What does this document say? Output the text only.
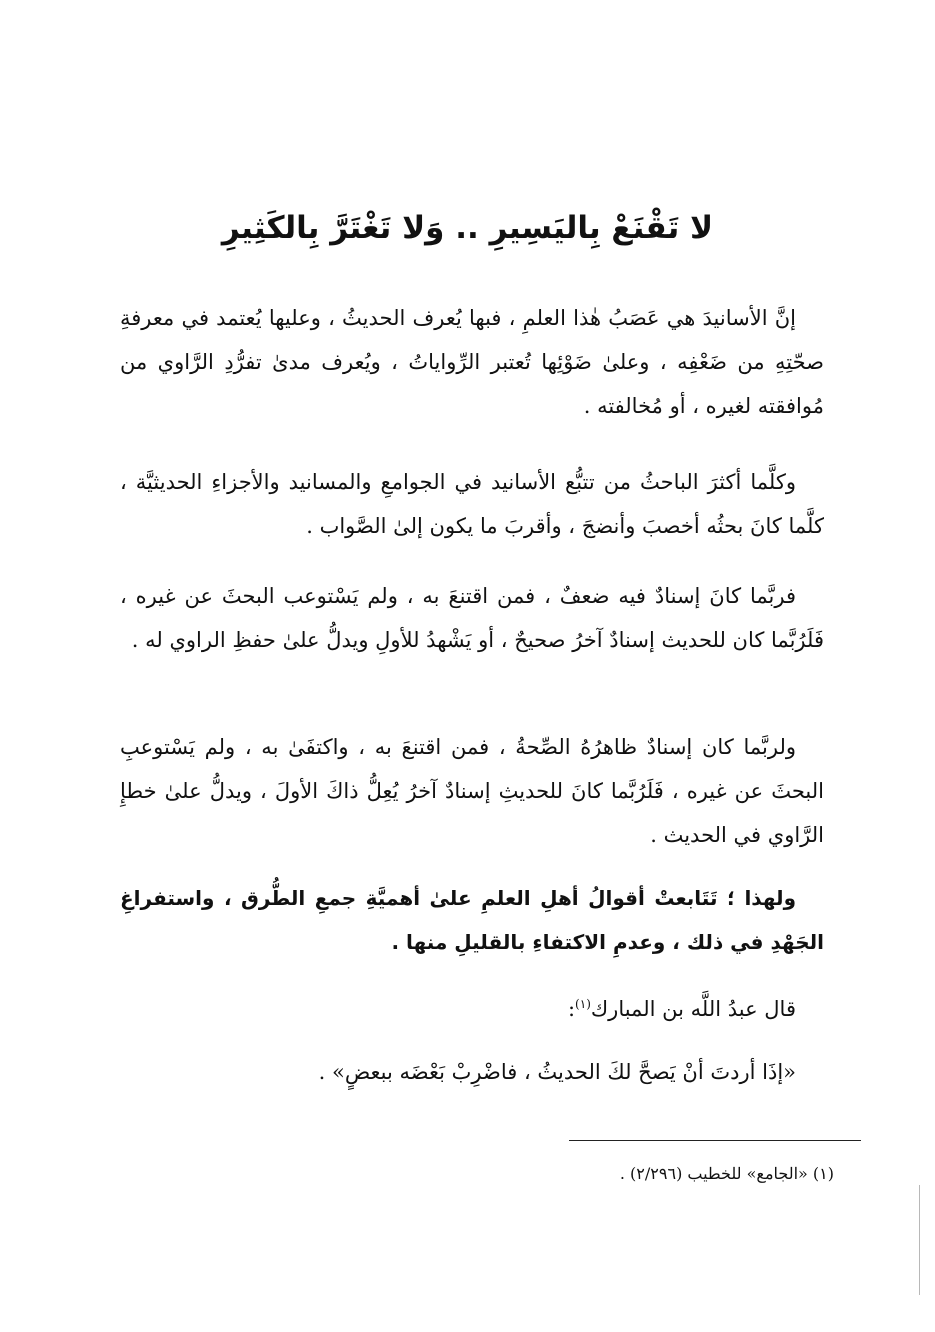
لا تَقْنَعْ بِاليَسِيرِ .. وَلا تَغْتَرَّ بِالكَثِيرِ

إنَّ الأسانيدَ هي عَصَبُ هٰذا العلمِ ، فبها يُعرف الحديثُ ، وعليها يُعتمد في معرفةِ صحّتِهِ من ضَعْفِه ، وعلىٰ ضَوْئِها تُعتبر الرِّواياتُ ، ويُعرف مدىٰ تفرُّدِ الرَّاوي من مُوافقته لغيره ، أو مُخالفته .

وكلَّما أكثرَ الباحثُ من تتبُّع الأسانيد في الجوامعِ والمسانيد والأجزاءِ الحديثيَّة ، كلَّما كانَ بحثُه أخصبَ وأنضجَ ، وأقربَ ما يكون إلىٰ الصَّواب .

فربَّما كانَ إسنادٌ فيه ضعفٌ ، فمن اقتنعَ به ، ولم يَسْتوعب البحثَ عن غيره ، فَلَرُبَّما كان للحديث إسنادٌ آخرُ صحيحٌ ، أو يَشْهدُ للأولِ ويدلُّ علىٰ حفظِ الراوي له .

ولربَّما كان إسنادٌ ظاهرُهُ الصِّحةُ ، فمن اقتنعَ به ، واكتفَىٰ به ، ولم يَسْتوعبِ البحثَ عن غيره ، فَلَرُبَّما كانَ للحديثِ إسنادٌ آخرُ يُعِلُّ ذاكَ الأولَ ، ويدلُّ علىٰ خطإِ الرَّاوي في الحديث .

ولهذا ؛ تَتَابعتْ أقوالُ أهلِ العلمِ علىٰ أهميَّةِ جمعِ الطُّرق ، واستفراغِ الجَهْدِ في ذلك ، وعدمِ الاكتفاءِ بالقليلِ منها .

قال عبدُ اللَّه بن المبارك$^{(١)}$:

«إذَا أردتَ أنْ يَصحَّ لكَ الحديثُ ، فاضْرِبْ بَعْضَه ببعضٍ» .

(١) «الجامع» للخطيب (٢/٢٩٦) .
